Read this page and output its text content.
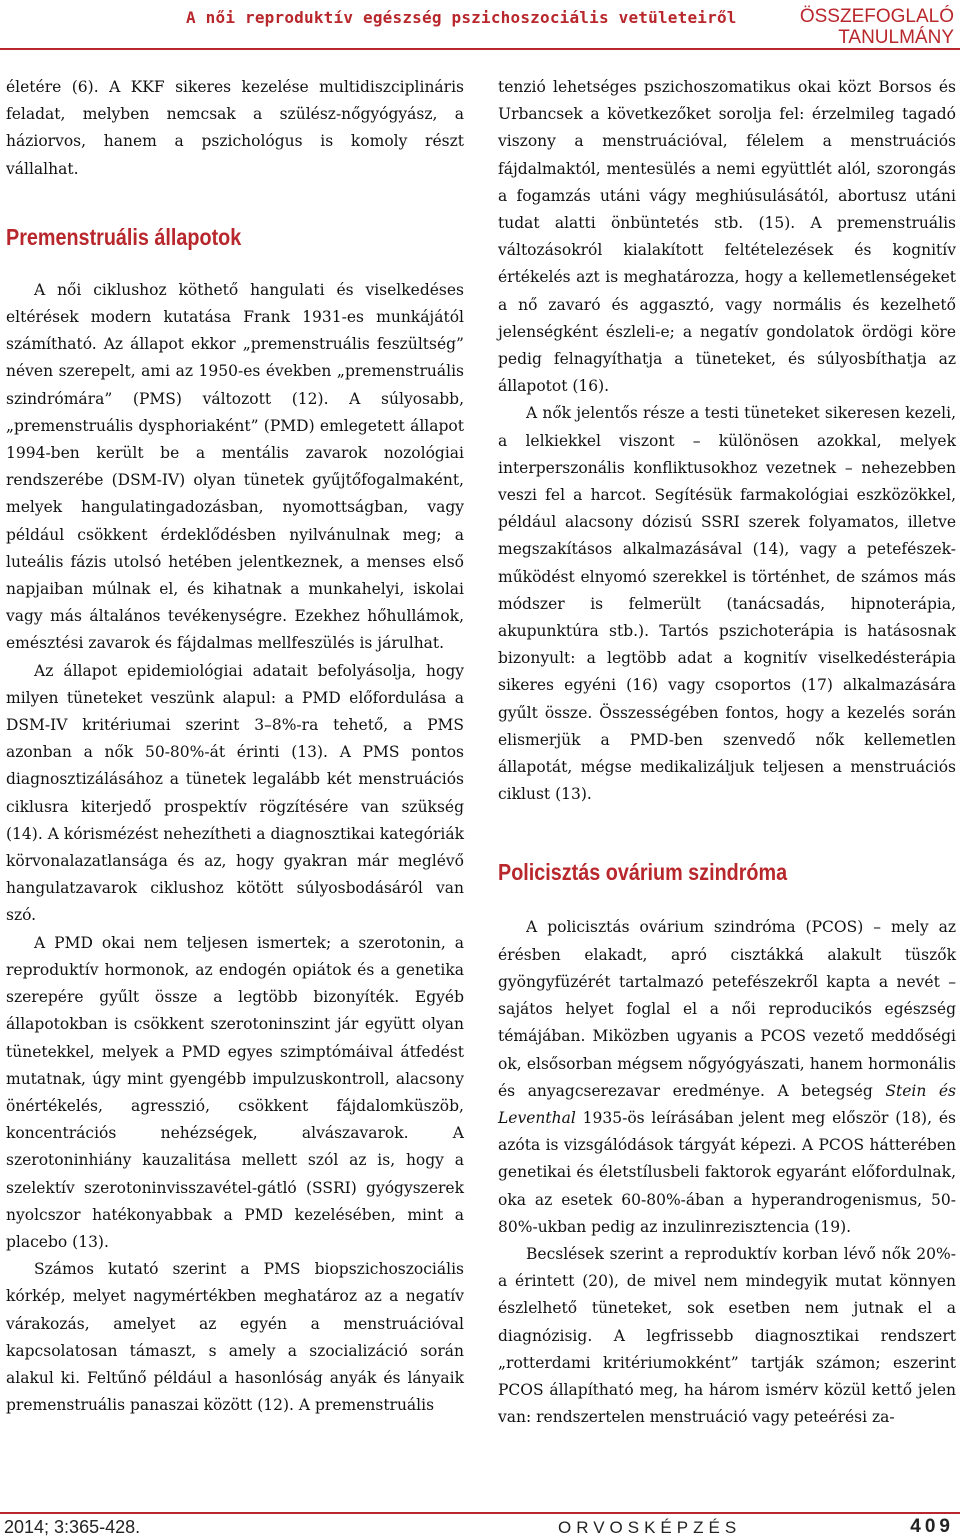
A női reproduktív egészség pszichoszociális vetületeiről	ÖSSZEFOGLALÓ TANULMÁNY

életére (6). A KKF sikeres kezelése multidiszciplináris feladat, melyben nemcsak a szülész-nőgyógyász, a háziorvos, hanem a pszichológus is komoly részt vállalhat.

Premenstruális állapotok

A női ciklushoz köthető hangulati és viselkedéses eltérések modern kutatása Frank 1931-es munkájától számítható. Az állapot ekkor „premenstruális feszültség” néven szerepelt, ami az 1950-es években „premenstruális szindrómára” (PMS) változott (12). A súlyosabb, „premenstruális dysphoriaként” (PMD) emlegetett állapot 1994-ben került be a mentális zavarok nozológiai rendszerébe (DSM-IV) olyan tünetek gyűjtőfogalmaként, melyek hangulatingadozásban, nyomottságban, vagy például csökkent érdeklődésben nyilvánulnak meg; a luteális fázis utolsó hetében jelentkeznek, a menses első napjaiban múlnak el, és kihatnak a munkahelyi, iskolai vagy más általános tevékenységre. Ezekhez hőhullámok, emésztési zavarok és fájdalmas mellfeszülés is járulhat.

Az állapot epidemiológiai adatait befolyásolja, hogy milyen tüneteket veszünk alapul: a PMD előfordulása a DSM-IV kritériumai szerint 3–8%-ra tehető, a PMS azonban a nők 50-80%-át érinti (13). A PMS pontos diagnosztizálásához a tünetek legalább két menstruációs ciklusra kiterjedő prospektív rögzítésére van szükség (14). A kórismézést nehezítheti a diagnosztikai kategóriák körvonalazatlansága és az, hogy gyakran már meglévő hangulatzavarok ciklushoz kötött súlyosbodásáról van szó.

A PMD okai nem teljesen ismertek; a szerotonin, a reproduktív hormonok, az endogén opiátok és a genetika szerepére gyűlt össze a legtöbb bizonyíték. Egyéb állapotokban is csökkent szerotoninszint jár együtt olyan tünetekkel, melyek a PMD egyes szimptómáival átfedést mutatnak, úgy mint gyengébb impulzuskontroll, alacsony önértékelés, agresszió, csökkent fájdalomküszöb, koncentrációs nehézségek, alvászavarok. A szerotoninhiány kauzalitása mellett szól az is, hogy a szelektív szerotoninvisszavétel-gátló (SSRI) gyógyszerek nyolcszor hatékonyabbak a PMD kezelésében, mint a placebo (13).

Számos kutató szerint a PMS biopszichoszociális kórkép, melyet nagymértékben meghatároz az a negatív várakozás, amelyet az egyén a menstruációval kapcsolatosan támaszt, s amely a szocializáció során alakul ki. Feltűnő például a hasonlóság anyák és lányaik premenstruális panaszai között (12). A premenstruális

tenzió lehetséges pszichoszomatikus okai közt Borsos és Urbancsek a következőket sorolja fel: érzelmileg tagadó viszony a menstruációval, félelem a menstruációs fájdalmaktól, mentesülés a nemi együttlét alól, szorongás a fogamzás utáni vágy meghiúsulásától, abortusz utáni tudat alatti önbüntetés stb. (15). A premenstruális változásokról kialakított feltételezések és kognitív értékelés azt is meghatározza, hogy a kellemetlenségeket a nő zavaró és aggasztó, vagy normális és kezelhető jelenségként észleli-e; a negatív gondolatok ördögi köre pedig felnagyíthatja a tüneteket, és súlyosbíthatja az állapotot (16).

A nők jelentős része a testi tüneteket sikeresen kezeli, a lelkiekkel viszont – különösen azokkal, melyek interperszonális konfliktusokhoz vezetnek – nehezebben veszi fel a harcot. Segítésük farmakológiai eszközökkel, például alacsony dózisú SSRI szerek folyamatos, illetve megszakításos alkalmazásával (14), vagy a petefészek-működést elnyomó szerekkel is történhet, de számos más módszer is felmerült (tanácsadás, hipnoterápia, akupunktúra stb.). Tartós pszichoterápia is hatásosnak bizonyult: a legtöbb adat a kognitív viselkedésterápia sikeres egyéni (16) vagy csoportos (17) alkalmazására gyűlt össze. Összességében fontos, hogy a kezelés során elismerjük a PMD-ben szenvedő nők kellemetlen állapotát, mégse medikalizáljuk teljesen a menstruációs ciklust (13).

Policisztás ovárium szindróma

A policisztás ovárium szindróma (PCOS) – mely az érésben elakadt, apró cisztákká alakult tüszők gyöngyfüzérét tartalmazó petefészekről kapta a nevét – sajátos helyet foglal el a női reproducikós egészség témájában. Miközben ugyanis a PCOS vezető meddőségi ok, elsősorban mégsem nőgyógyászati, hanem hormonális és anyagcserezavar eredménye. A betegség Stein és Leventhal 1935-ös leírásában jelent meg először (18), és azóta is vizsgálódások tárgyát képezi. A PCOS hátterében genetikai és életstílusbeli faktorok egyaránt előfordulnak, oka az esetek 60-80%-ában a hyperandrogenismus, 50-80%-ukban pedig az inzulinrezisztencia (19).

Becslések szerint a reproduktív korban lévő nők 20%-a érintett (20), de mivel nem mindegyik mutat könnyen észlelhető tüneteket, sok esetben nem jutnak el a diagnózisig. A legfrissebb diagnosztikai rendszert „rotterdami kritériumokként” tartják számon; eszerint PCOS állapítható meg, ha három ismérv közül kettő jelen van: rendszertelen menstruáció vagy peteérési za-

2014; 3:365-428.	ORVOSKÉPZÉS	409
